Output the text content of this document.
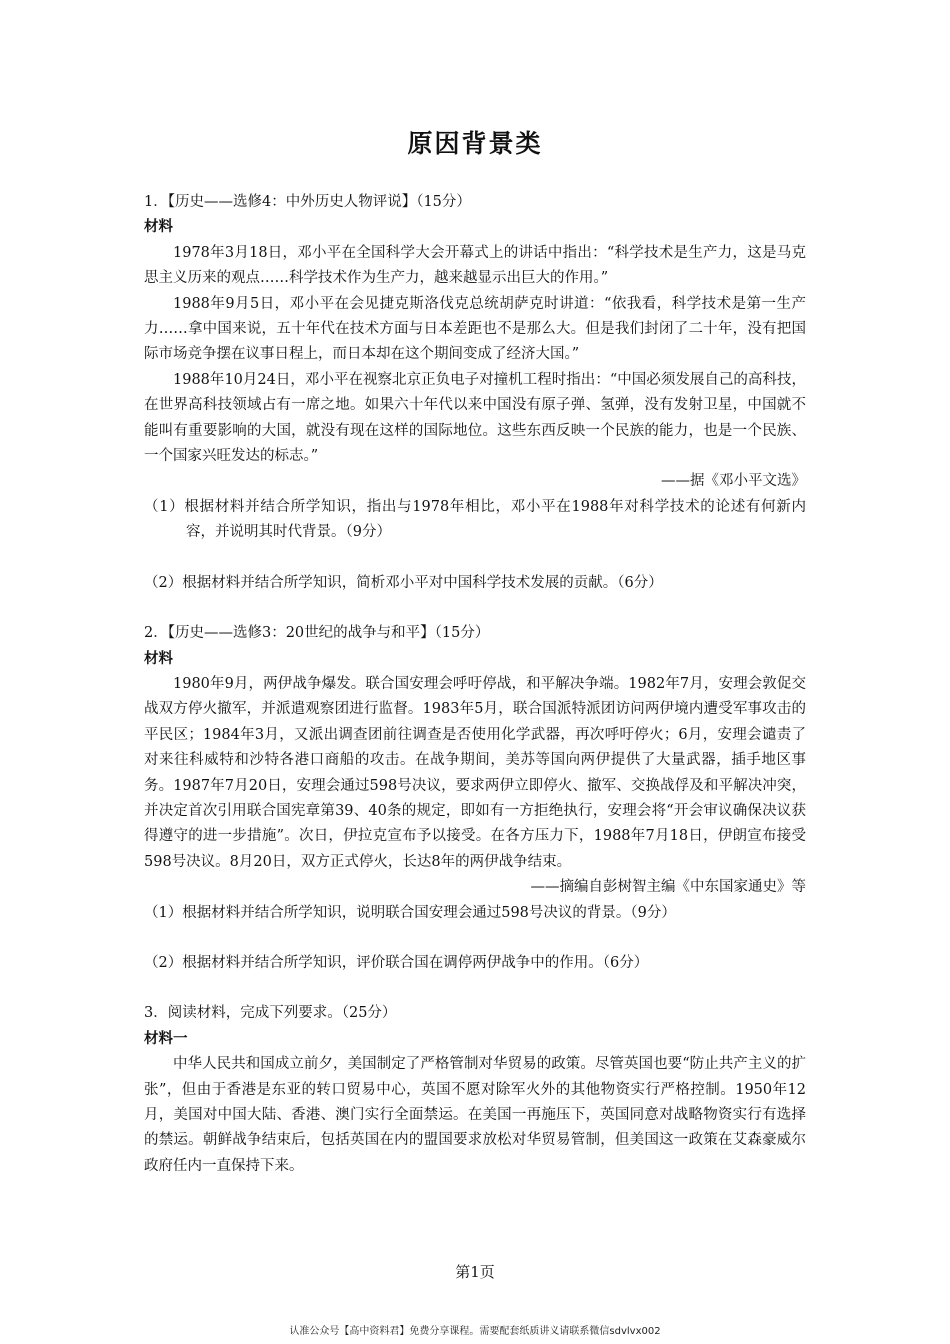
原因背景类

1．【历史——选修4：中外历史人物评说】（15分）

材料

1978年3月18日，邓小平在全国科学大会开幕式上的讲话中指出：“科学技术是生产力，这是马克思主义历来的观点……科学技术作为生产力，越来越显示出巨大的作用。”

1988年9月5日，邓小平在会见捷克斯洛伐克总统胡萨克时讲道：“依我看，科学技术是第一生产力……拿中国来说，五十年代在技术方面与日本差距也不是那么大。但是我们封闭了二十年，没有把国际市场竞争摆在议事日程上，而日本却在这个期间变成了经济大国。”

1988年10月24日，邓小平在视察北京正负电子对撞机工程时指出：“中国必须发展自己的高科技，在世界高科技领域占有一席之地。如果六十年代以来中国没有原子弹、氢弹，没有发射卫星，中国就不能叫有重要影响的大国，就没有现在这样的国际地位。这些东西反映一个民族的能力，也是一个民族、一个国家兴旺发达的标志。”

——据《邓小平文选》

（1）根据材料并结合所学知识，指出与1978年相比，邓小平在1988年对科学技术的论述有何新内容，并说明其时代背景。（9分）

（2）根据材料并结合所学知识，简析邓小平对中国科学技术发展的贡献。（6分）

2．【历史——选修3：20世纪的战争与和平】（15分）

材料

1980年9月，两伊战争爆发。联合国安理会呼吁停战，和平解决争端。1982年7月，安理会敦促交战双方停火撤军，并派遣观察团进行监督。1983年5月，联合国派特派团访问两伊境内遭受军事攻击的平民区；1984年3月，又派出调查团前往调查是否使用化学武器，再次呼吁停火；6月，安理会谴责了对来往科威特和沙特各港口商船的攻击。在战争期间，美苏等国向两伊提供了大量武器，插手地区事务。1987年7月20日，安理会通过598号决议，要求两伊立即停火、撤军、交换战俘及和平解决冲突，并决定首次引用联合国宪章第39、40条的规定，即如有一方拒绝执行，安理会将“开会审议确保决议获得遵守的进一步措施”。次日，伊拉克宣布予以接受。在各方压力下，1988年7月18日，伊朗宣布接受598号决议。8月20日，双方正式停火，长达8年的两伊战争结束。

——摘编自彭树智主编《中东国家通史》等

（1）根据材料并结合所学知识，说明联合国安理会通过598号决议的背景。（9分）

（2）根据材料并结合所学知识，评价联合国在调停两伊战争中的作用。（6分）

3．阅读材料，完成下列要求。（25分）

材料一

中华人民共和国成立前夕，美国制定了严格管制对华贸易的政策。尽管英国也要“防止共产主义的扩张”，但由于香港是东亚的转口贸易中心，英国不愿对除军火外的其他物资实行严格控制。1950年12月，美国对中国大陆、香港、澳门实行全面禁运。在美国一再施压下，英国同意对战略物资实行有选择的禁运。朝鲜战争结束后，包括英国在内的盟国要求放松对华贸易管制，但美国这一政策在艾森豪威尔政府任内一直保持下来。

第1页
认准公众号【高中资料君】免费分享课程。需要配套纸质讲义请联系微信sdvlvx002
